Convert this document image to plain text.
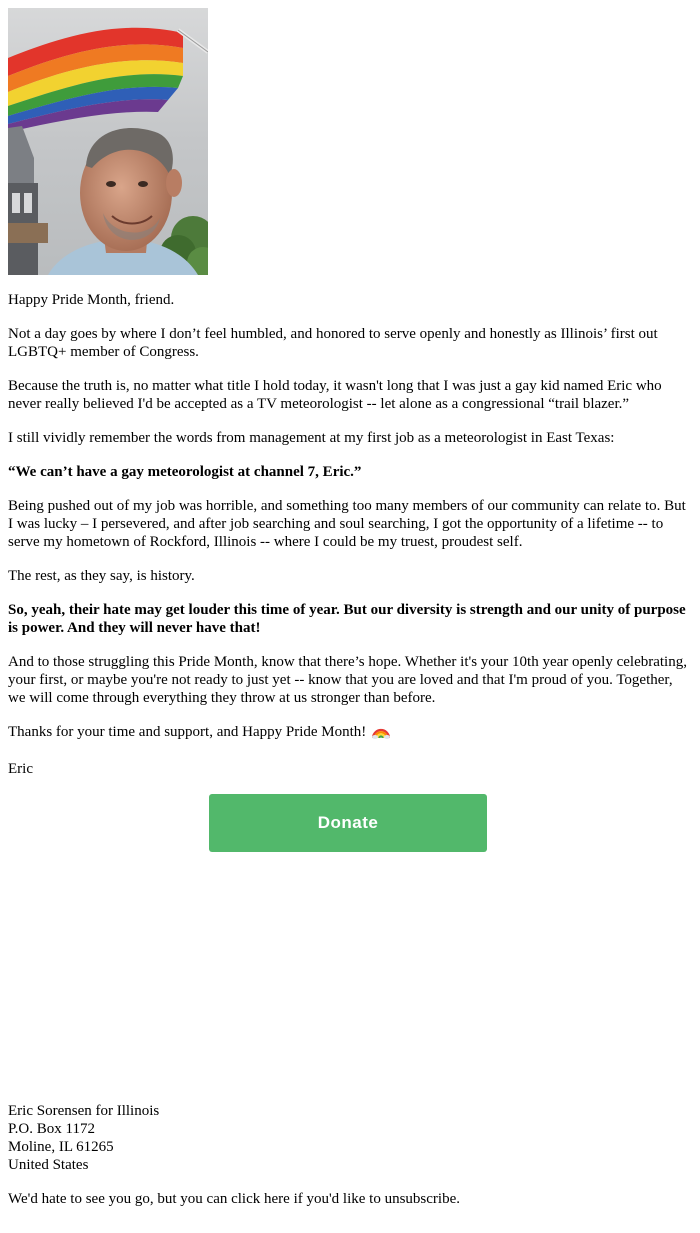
Happy Pride Month, friend.

Not a day goes by where I don’t feel humbled, and honored to serve openly and honestly as Illinois’ first out LGBTQ+ member of Congress.

Because the truth is, no matter what title I hold today, it wasn't long that I was just a gay kid named Eric who never really believed I'd be accepted as a TV meteorologist -- let alone as a congressional “trail blazer.”

I still vividly remember the words from management at my first job as a meteorologist in East Texas:

“We can’t have a gay meteorologist at channel 7, Eric.”

Being pushed out of my job was horrible, and something too many members of our community can relate to. But I was lucky – I persevered, and after job searching and soul searching, I got the opportunity of a lifetime -- to serve my hometown of Rockford, Illinois -- where I could be my truest, proudest self.

The rest, as they say, is history.

So, yeah, their hate may get louder this time of year. But our diversity is strength and our unity of purpose is power. And they will never have that!

And to those struggling this Pride Month, know that there’s hope. Whether it's your 10th year openly celebrating, your first, or maybe you're not ready to just yet -- know that you are loved and that I'm proud of you. Together, we will come through everything they throw at us stronger than before.

Thanks for your time and support, and Happy Pride Month!

Eric

Donate
Eric Sorensen for Illinois
P.O. Box 1172
Moline, IL 61265
United States
We'd hate to see you go, but you can click here if you'd like to unsubscribe.
